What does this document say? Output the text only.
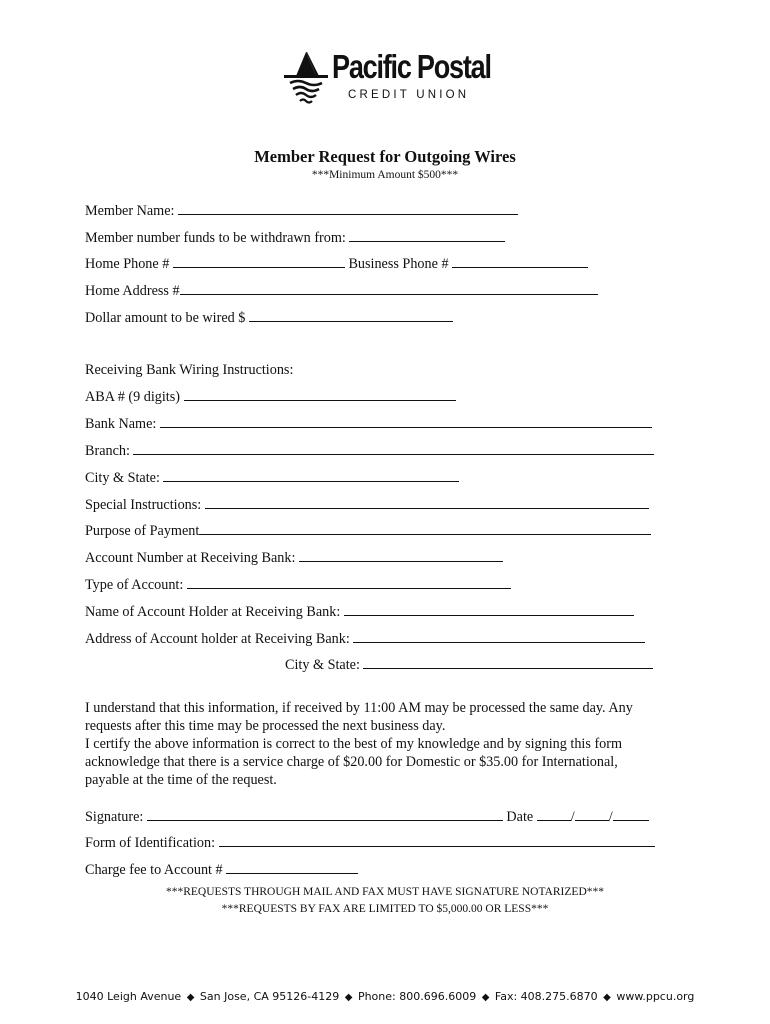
Pacific Postal
CREDIT UNION
Member Request for Outgoing Wires
***Minimum Amount $500***
Member Name:
Member number funds to be withdrawn from:
Home Phone #	Business Phone #
Home Address #
Dollar amount to be wired $
Receiving Bank Wiring Instructions:
ABA # (9 digits)
Bank Name:
Branch:
City & State:
Special Instructions:
Purpose of Payment
Account Number at Receiving Bank:
Type of Account:
Name of Account Holder at Receiving Bank:
Address of Account holder at Receiving Bank:
City & State:
I understand that this information, if received by 11:00 AM may be processed the same day. Any
requests after this time may be processed the next business day.
I certify the above information is correct to the best of my knowledge and by signing this form
acknowledge that there is a service charge of $20.00 for Domestic or $35.00 for International,
payable at the time of the request.
Signature:	Date	/ /
Form of Identification:
Charge fee to Account #
***REQUESTS THROUGH MAIL AND FAX MUST HAVE SIGNATURE NOTARIZED***
***REQUESTS BY FAX ARE LIMITED TO $5,000.00 OR LESS***
1040 Leigh Avenue ◆ San Jose, CA 95126-4129 ◆ Phone: 800.696.6009 ◆ Fax: 408.275.6870 ◆ www.ppcu.org
